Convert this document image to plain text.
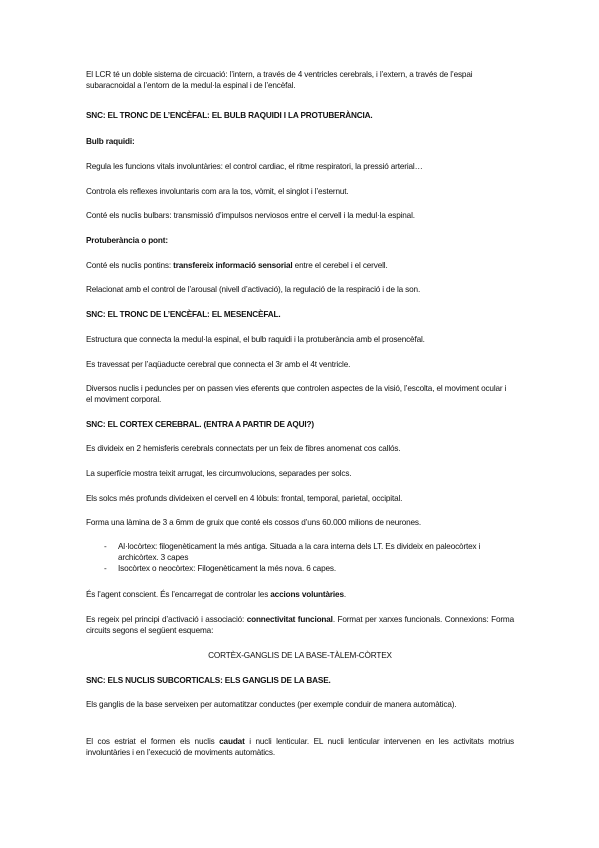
El LCR té un doble sistema de circuació: l’intern, a través de 4 ventricles cerebrals, i l’extern, a través de l’espai subaracnoidal a l’entorn de la medul·la espinal i de l’encèfal.

SNC: EL TRONC DE L’ENCÈFAL: EL BULB RAQUIDI I LA PROTUBERÀNCIA.

Bulb raquidi:

Regula les funcions vitals involuntàries: el control cardiac, el ritme respiratori, la pressió arterial…

Controla els reflexes involuntaris com ara la tos, vòmit, el singlot i l’esternut.

Conté els nuclis bulbars: transmissió d’impulsos nerviosos entre el cervell i la medul·la espinal.

Protuberància o pont:

Conté els nuclis pontins: transfereix informació sensorial entre el cerebel i el cervell.

Relacionat amb el control de l’arousal (nivell d’activació), la regulació de la respiració i de la son.

SNC: EL TRONC DE L’ENCÈFAL: EL MESENCÈFAL.

Estructura que connecta la medul·la espinal, el bulb raquidi i la protuberància amb el prosencèfal.

Es travessat per l’aqüaducte cerebral que connecta el 3r amb el 4t ventricle.

Diversos nuclis i peduncles per on passen vies eferents que controlen aspectes de la visió, l’escolta, el moviment ocular i el moviment corporal.

SNC: EL CORTEX CEREBRAL. (ENTRA A PARTIR DE AQUI?)

Es divideix en 2 hemisferis cerebrals connectats per un feix de fibres anomenat cos callós.

La superfície mostra teixit arrugat, les circumvolucions, separades per solcs.

Els solcs més profunds divideixen el cervell en 4 lòbuls: frontal, temporal, parietal, occipital.

Forma una làmina de 3 a 6mm de gruix que conté els cossos d’uns 60.000 milions de neurones.

- Al·locòrtex: filogenèticament la més antiga. Situada a la cara interna dels LT. Es divideix en paleocòrtex i archicòrtex. 3 capes
- Isocòrtex o neocòrtex: Filogenèticament la més nova. 6 capes.

És l’agent conscient. És l’encarregat de controlar les accions voluntàries.

Es regeix pel principi d’activació i associació: connectivitat funcional. Format per xarxes funcionals. Connexions: Forma circuits segons el següent esquema:

CORTÈX-GANGLIS DE LA BASE-TÀLEM-CÒRTEX

SNC: ELS NUCLIS SUBCORTICALS: ELS GANGLIS DE LA BASE.

Els ganglis de la base serveixen per automatitzar conductes (per exemple conduir de manera automàtica).

El cos estriat el formen els nuclis caudat i nucli lenticular. EL nucli lenticular intervenen en les activitats motrius involuntàries i en l’execució de moviments automàtics.
